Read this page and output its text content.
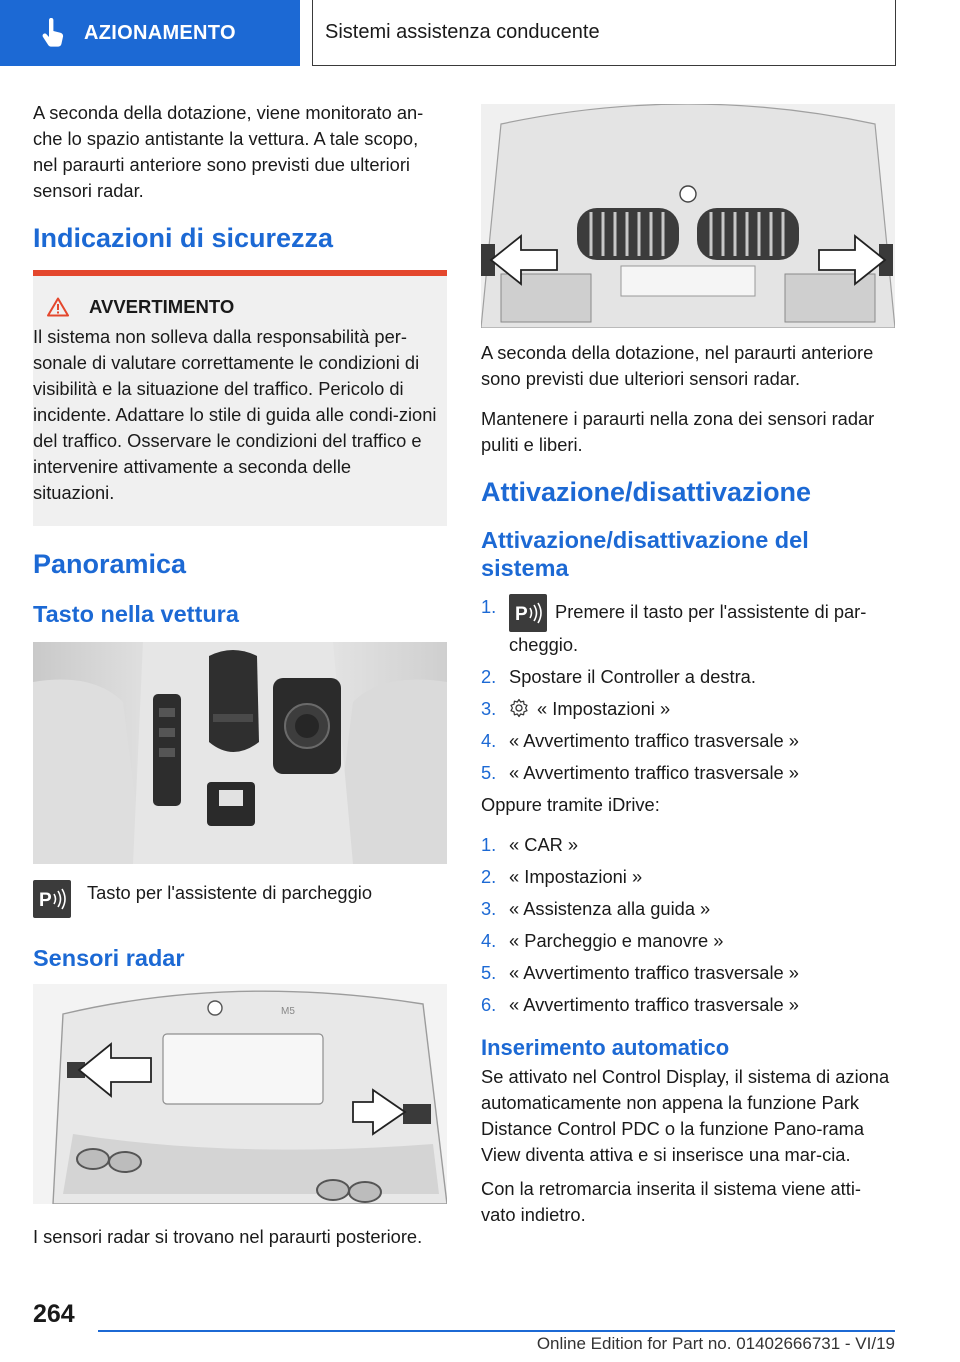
AZIONAMENTO	Sistemi assistenza conducente

A seconda della dotazione, viene monitorato an-che lo spazio antistante la vettura. A tale scopo, nel paraurti anteriore sono previsti due ulteriori sensori radar.

Indicazioni di sicurezza
AVVERTIMENTO

Il sistema non solleva dalla responsabilità per-sonale di valutare correttamente le condizioni di visibilità e la situazione del traffico. Pericolo di incidente. Adattare lo stile di guida alle condi-zioni del traffico. Osservare le condizioni del traffico e intervenire attivamente a seconda delle situazioni.

Panoramica
Tasto nella vettura
P Tasto per l'assistente di parcheggio
Sensori radar
M5

I sensori radar si trovano nel paraurti posteriore.

A seconda della dotazione, nel paraurti anteriore sono previsti due ulteriori sensori radar.

Mantenere i paraurti nella zona dei sensori radar puliti e liberi.

Attivazione/disattivazione
Attivazione/disattivazione del sistema
1. P Premere il tasto per l'assistente di par-cheggio.
2. Spostare il Controller a destra.
3.	« Impostazioni »
4. « Avvertimento traffico trasversale »
5. « Avvertimento traffico trasversale »

Oppure tramite iDrive:

1. « CAR »
2. « Impostazioni »
3. « Assistenza alla guida »
4. « Parcheggio e manovre »
5. « Avvertimento traffico trasversale »
6. « Avvertimento traffico trasversale »
Inserimento automatico

Se attivato nel Control Display, il sistema di aziona automaticamente non appena la funzione Park Distance Control PDC o la funzione Pano-rama View diventa attiva e si inserisce una mar-cia.

Con la retromarcia inserita il sistema viene atti-vato indietro.

264
Online Edition for Part no. 01402666731 - VI/19
